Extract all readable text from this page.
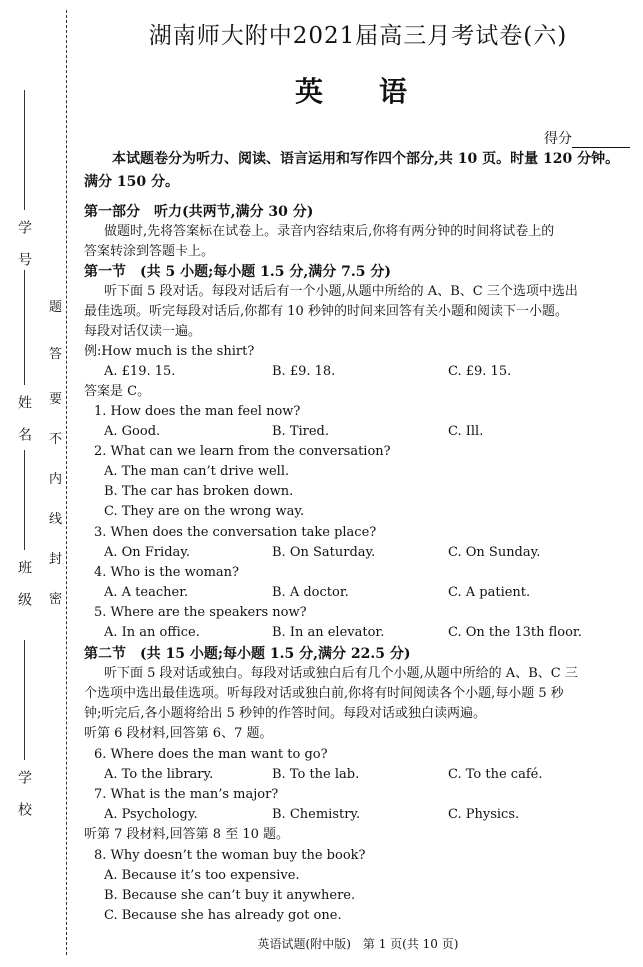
学　号
姓　名
班　级
学　校
密
封
线
内
不
要
答
题
湖南师大附中2021届高三月考试卷(六)
英　语
得分
本试题卷分为听力、阅读、语言运用和写作四个部分,共 10 页。时量 120 分钟。
满分 150 分。
第一部分　听力(共两节,满分 30 分)
做题时,先将答案标在试卷上。录音内容结束后,你将有两分钟的时间将试卷上的
答案转涂到答题卡上。
第一节　(共 5 小题;每小题 1.5 分,满分 7.5 分)
听下面 5 段对话。每段对话后有一个小题,从题中所给的 A、B、C 三个选项中选出
最佳选项。听完每段对话后,你都有 10 秒钟的时间来回答有关小题和阅读下一小题。
每段对话仅读一遍。
例:How much is the shirt?
A. £19. 15.	B. £9. 18.	C. £9. 15.
答案是 C。
1. How does the man feel now?
A. Good.	B. Tired.	C. Ill.
2. What can we learn from the conversation?
A. The man can’t drive well.
B. The car has broken down.
C. They are on the wrong way.
3. When does the conversation take place?
A. On Friday.	B. On Saturday.	C. On Sunday.
4. Who is the woman?
A. A teacher.	B. A doctor.	C. A patient.
5. Where are the speakers now?
A. In an office.	B. In an elevator.	C. On the 13th floor.
第二节　(共 15 小题;每小题 1.5 分,满分 22.5 分)
听下面 5 段对话或独白。每段对话或独白后有几个小题,从题中所给的 A、B、C 三
个选项中选出最佳选项。听每段对话或独白前,你将有时间阅读各个小题,每小题 5 秒
钟;听完后,各小题将给出 5 秒钟的作答时间。每段对话或独白读两遍。
听第 6 段材料,回答第 6、7 题。
6. Where does the man want to go?
A. To the library.	B. To the lab.	C. To the café.
7. What is the man’s major?
A. Psychology.	B. Chemistry.	C. Physics.
听第 7 段材料,回答第 8 至 10 题。
8. Why doesn’t the woman buy the book?
A. Because it’s too expensive.
B. Because she can’t buy it anywhere.
C. Because she has already got one.
英语试题(附中版)　第 1 页(共 10 页)
